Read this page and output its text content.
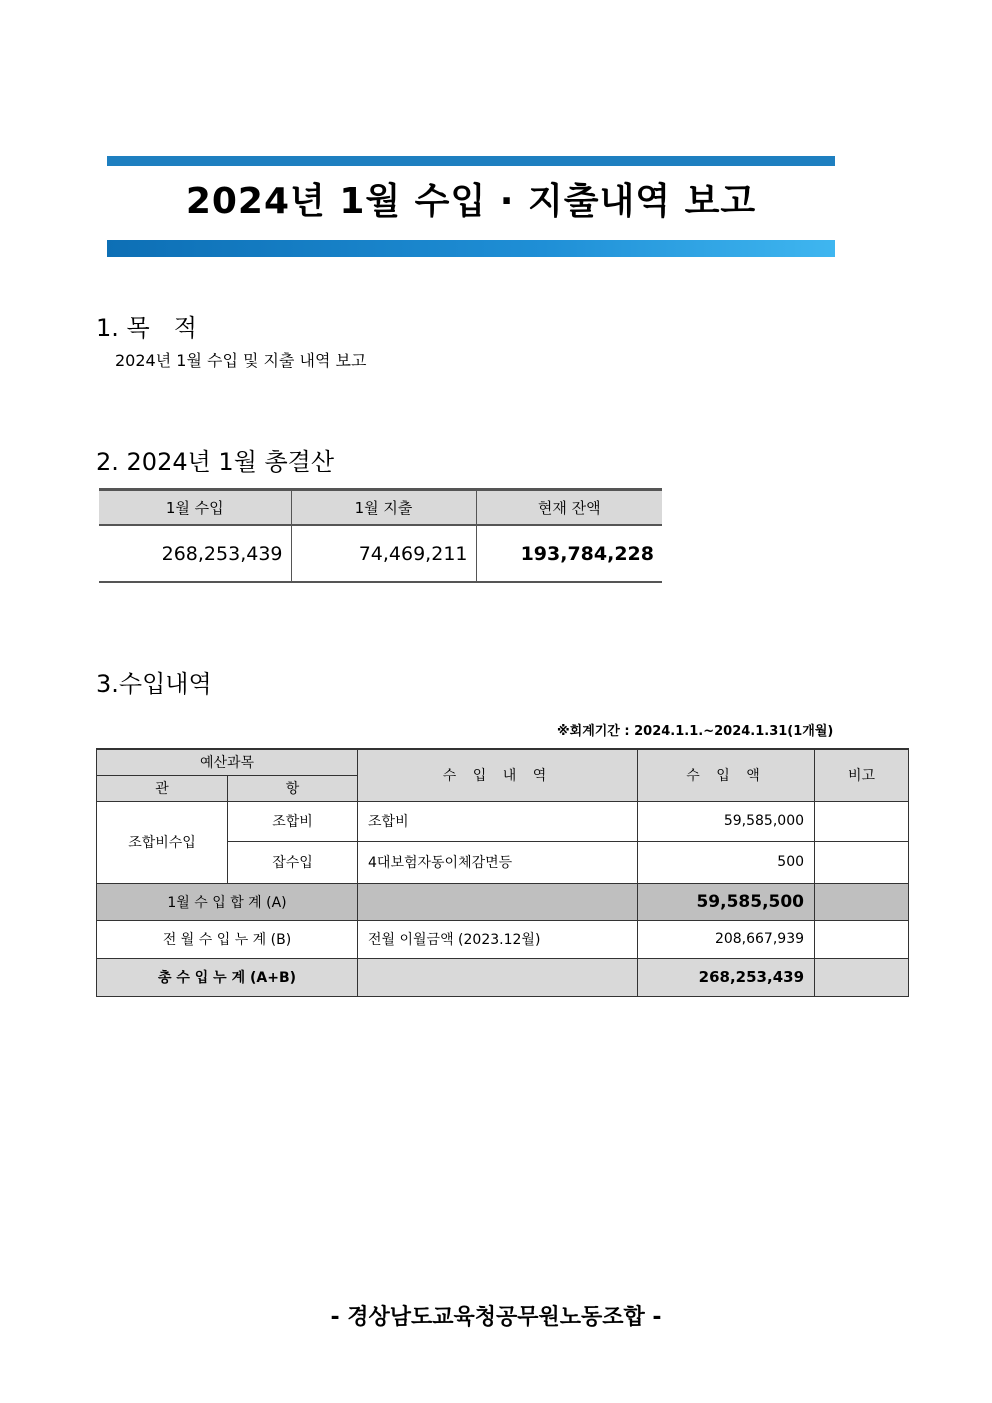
2024년 1월 수입 · 지출내역 보고
1. 목　적
2024년 1월 수입 및 지출 내역 보고
2. 2024년 1월 총결산
1월 수입	1월 지출	현재 잔액
268,253,439	74,469,211	193,784,228
3.수입내역
※회계기간 : 2024.1.1.~2024.1.31(1개월)
예산과목		수 입 내 역	수 입 액	비고
관	항			
조합비수입	조합비	조합비	59,585,000	
	잡수입	4대보험자동이체감면등	500	
1월 수 입 합 계 (A)			59,585,500	
전 월 수 입 누 계 (B)		전월 이월금액 (2023.12월)	208,667,939	
총 수 입 누 계 (A+B)			268,253,439	
- 경상남도교육청공무원노동조합 -
